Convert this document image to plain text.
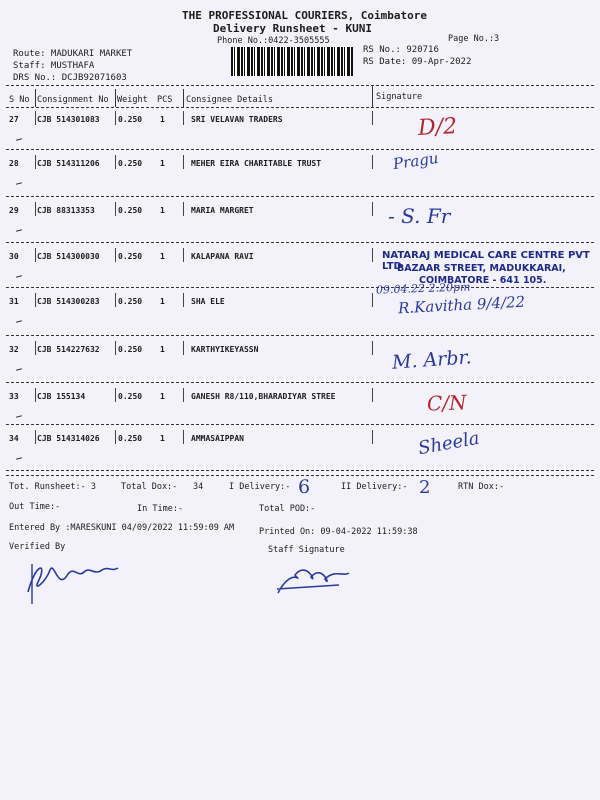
THE PROFESSIONAL COURIERS, Coimbatore
Delivery Runsheet - KUNI
Phone No.:0422-3505555	Page No.:3
Route: MADUKARI MARKET
Staff: MUSTHAFA
DRS No.: DCJB92071603
RS No.: 920716
RS Date: 09-Apr-2022
S No Consignment No Weight PCS Consignee Details	Signature
27 CJB 514301083 0.250 1	SRI VELAVAN TRADERS	D/2
28 CJB 514311206 0.250 1	MEHER EIRA CHARITABLE TRUST	Pragu
29 CJB 88313353	0.250 1	MARIA MARGRET	- S. Fr
30 CJB 514300030 0.250 1	KALAPANA RAVI
09.04.22 2.20pm
31 CJB 514300283 0.250 1	SHA ELE	R.Kavitha 9/4/22
32 CJB 514227632 0.250 1	KARTHYIKEYASSN	M. Arbr.
33 CJB 155134	0.250 1	GANESH R8/110,BHARADIYAR STREE	C/N
34 CJB 514314026 0.250 1	AMMASAIPPAN	Sheela
NATARAJ MEDICAL CARE CENTRE PVT LTD
BAZAAR STREET, MADUKKARAI,
COIMBATORE - 641 105.
Tot. Runsheet:- 3	Total Dox:- 34	I Delivery:- 6	II Delivery:- 2	RTN Dox:-
Out Time:-	In Time:-	Total POD:-
Entered By :MARESKUNI 04/09/2022 11:59:09 AM	Printed On: 09-04-2022 11:59:38
Verified By	Staff Signature
